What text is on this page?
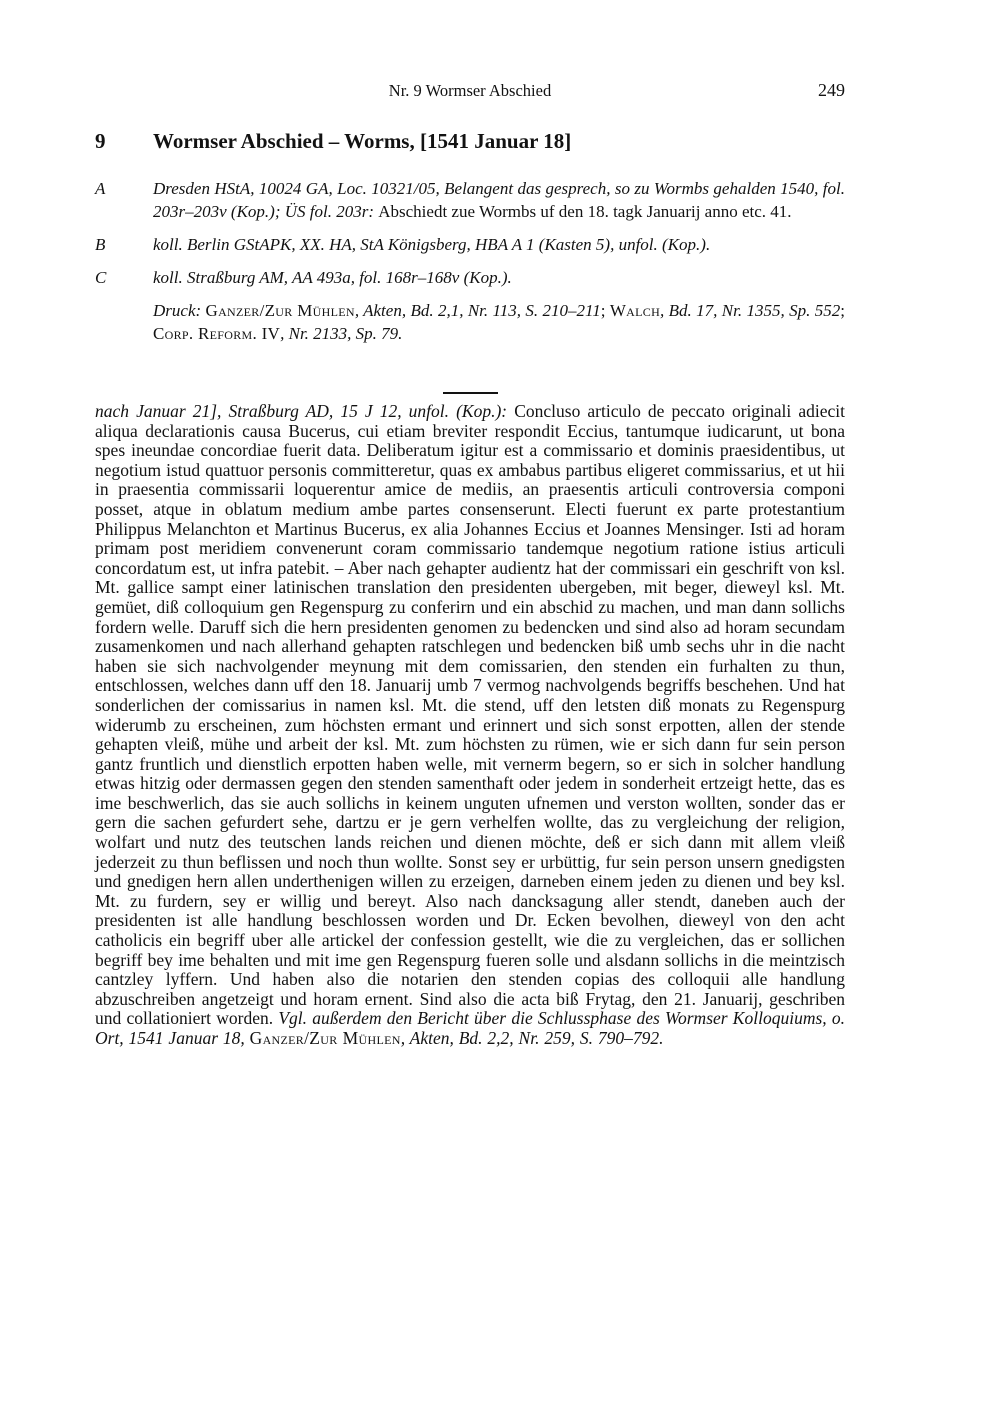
Nr. 9 Wormser Abschied	249
9	Wormser Abschied – Worms, [1541 Januar 18]
A	Dresden HStA, 10024 GA, Loc. 10321/05, Belangent das gesprech, so zu Wormbs gehalden 1540, fol. 203r–203v (Kop.); ÜS fol. 203r: Abschiedt zue Wormbs uf den 18. tagk Januarij anno etc. 41.
B	koll. Berlin GStAPK, XX. HA, StA Königsberg, HBA A 1 (Kasten 5), unfol. (Kop.).
C	koll. Straßburg AM, AA 493a, fol. 168r–168v (Kop.).
Druck: Ganzer/Zur Mühlen, Akten, Bd. 2,1, Nr. 113, S. 210–211; Walch, Bd. 17, Nr. 1355, Sp. 552; Corp. Reform. IV, Nr. 2133, Sp. 79.

nach Januar 21], Straßburg AD, 15 J 12, unfol. (Kop.): Concluso articulo de peccato originali adiecit aliqua declarationis causa Bucerus, cui etiam breviter respondit Eccius, tantumque iudicarunt, ut bona spes ineundae concordiae fuerit data. Deliberatum igitur est a commissario et dominis praesidentibus, ut negotium istud quattuor personis committeretur, quas ex ambabus partibus eligeret commissarius, et ut hii in praesentia commissarii loquerentur amice de mediis, an praesentis articuli controversia componi posset, atque in oblatum medium ambe partes consenserunt. Electi fuerunt ex parte protestantium Philippus Melanchton et Martinus Bucerus, ex alia Johannes Eccius et Joannes Mensinger. Isti ad horam primam post meridiem convenerunt coram commissario tandemque negotium ratione istius articuli concordatum est, ut infra patebit. – Aber nach gehapter audientz hat der commissari ein geschrift von ksl. Mt. gallice sampt einer latinischen translation den presidenten ubergeben, mit beger, dieweyl ksl. Mt. gemüet, diß colloquium gen Regenspurg zu conferirn und ein abschid zu machen, und man dann sollichs fordern welle. Daruff sich die hern presidenten genomen zu bedencken und sind also ad horam secundam zusamenkomen und nach allerhand gehapten ratschlegen und bedencken biß umb sechs uhr in die nacht haben sie sich nachvolgender meynung mit dem comissarien, den stenden ein furhalten zu thun, entschlossen, welches dann uff den 18. Januarij umb 7 vermog nachvolgends begriffs beschehen. Und hat sonderlichen der comissarius in namen ksl. Mt. die stend, uff den letsten diß monats zu Regenspurg widerumb zu erscheinen, zum höchsten ermant und erinnert und sich sonst erpotten, allen der stende gehapten vleiß, mühe und arbeit der ksl. Mt. zum höchsten zu rümen, wie er sich dann fur sein person gantz fruntlich und dienstlich erpotten haben welle, mit vernerm begern, so er sich in solcher handlung etwas hitzig oder dermassen gegen den stenden samenthaft oder jedem in sonderheit ertzeigt hette, das es ime beschwerlich, das sie auch sollichs in keinem unguten ufnemen und verston wollten, sonder das er gern die sachen gefurdert sehe, dartzu er je gern verhelfen wollte, das zu vergleichung der religion, wolfart und nutz des teutschen lands reichen und dienen möchte, deß er sich dann mit allem vleiß jederzeit zu thun beflissen und noch thun wollte. Sonst sey er urbüttig, fur sein person unsern gnedigsten und gnedigen hern allen underthenigen willen zu erzeigen, darneben einem jeden zu dienen und bey ksl. Mt. zu furdern, sey er willig und bereyt. Also nach dancksagung aller stendt, daneben auch der presidenten ist alle handlung beschlossen worden und Dr. Ecken bevolhen, dieweyl von den acht catholicis ein begriff uber alle artickel der confession gestellt, wie die zu vergleichen, das er sollichen begriff bey ime behalten und mit ime gen Regenspurg fueren solle und alsdann sollichs in die meintzisch cantzley lyffern. Und haben also die notarien den stenden copias des colloquii alle handlung abzuschreiben angetzeigt und horam ernent. Sind also die acta biß Frytag, den 21. Januarij, geschriben und collationiert worden. Vgl. außerdem den Bericht über die Schlussphase des Wormser Kolloquiums, o. Ort, 1541 Januar 18, Ganzer/Zur Mühlen, Akten, Bd. 2,2, Nr. 259, S. 790–792.
